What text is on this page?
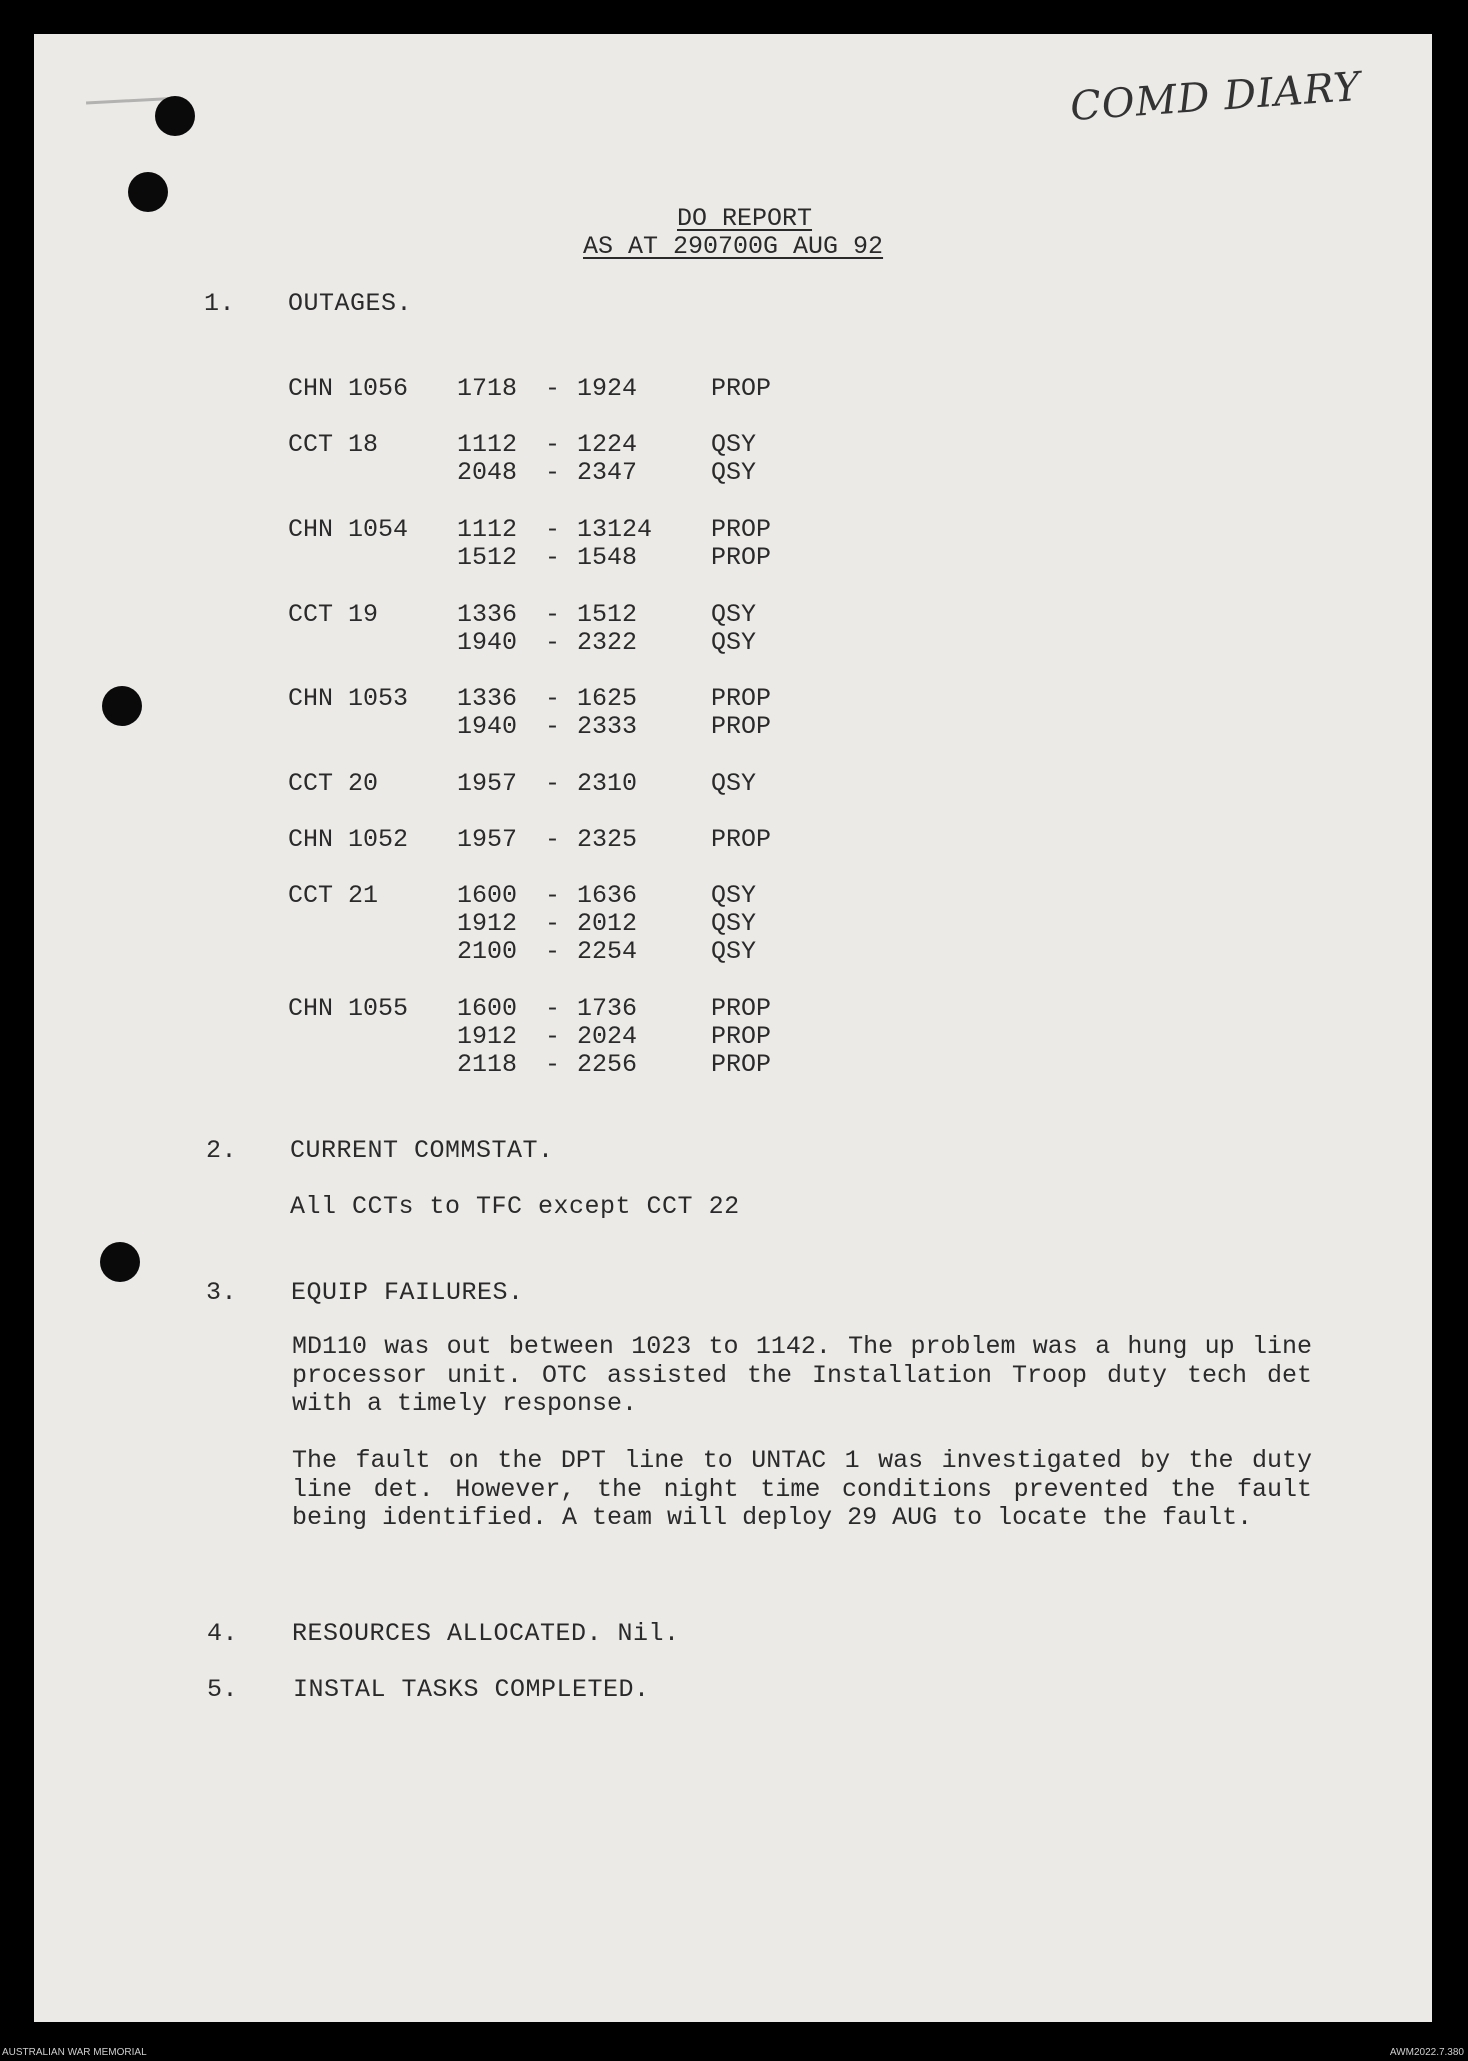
COMD DIARY
DO REPORT
AS AT 290700G AUG 92
1. OUTAGES.
CHN 1056 1718 - 1924	PROP
CCT 18	1112 - 1224	QSY
2048 - 2347	QSY
CHN 1054 1112 - 13124 PROP
1512 - 1548	PROP
CCT 19	1336 - 1512	QSY
1940 - 2322	QSY
CHN 1053 1336 - 1625	PROP
1940 - 2333	PROP
CCT 20	1957 - 2310	QSY
CHN 1052 1957 - 2325	PROP
CCT 21	1600 - 1636	QSY
1912 - 2012	QSY
2100 - 2254	QSY
CHN 1055 1600 - 1736	PROP
1912 - 2024	PROP
2118 - 2256	PROP
2. CURRENT COMMSTAT.
All CCTs to TFC except CCT 22
3. EQUIP FAILURES.
MD110 was out between 1023 to 1142. The problem was a hung up line processor unit. OTC assisted the Installation Troop duty tech det with a timely response.
The fault on the DPT line to UNTAC 1 was investigated by the duty line det. However, the night time conditions prevented the fault being identified. A team will deploy 29 AUG to locate the fault.
4. RESOURCES ALLOCATED. Nil.
5. INSTAL TASKS COMPLETED.
AUSTRALIAN WAR MEMORIAL	AWM2022.7.380
